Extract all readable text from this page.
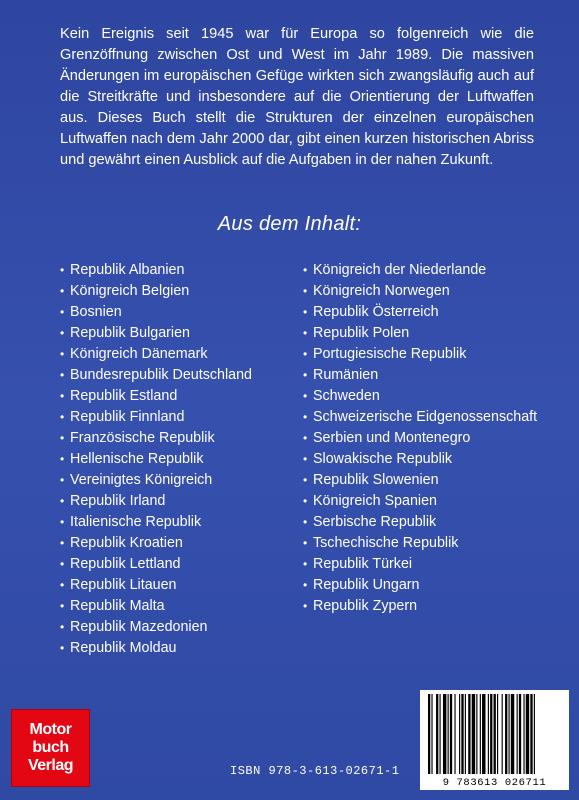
Kein Ereignis seit 1945 war für Europa so folgenreich wie die Grenzöffnung zwischen Ost und West im Jahr 1989. Die massiven Änderungen im europäischen Gefüge wirkten sich zwangsläufig auch auf die Streitkräfte und insbesondere auf die Orientierung der Luftwaffen aus. Dieses Buch stellt die Strukturen der einzelnen europäischen Luftwaffen nach dem Jahr 2000 dar, gibt einen kurzen historischen Abriss und gewährt einen Ausblick auf die Aufgaben in der nahen Zukunft.

Aus dem Inhalt:
• Republik Albanien
• Königreich Belgien
• Bosnien
• Republik Bulgarien
• Königreich Dänemark
• Bundesrepublik Deutschland
• Republik Estland
• Republik Finnland
• Französische Republik
• Hellenische Republik
• Vereinigtes Königreich
• Republik Irland
• Italienische Republik
• Republik Kroatien
• Republik Lettland
• Republik Litauen
• Republik Malta
• Republik Mazedonien
• Republik Moldau
• Königreich der Niederlande
• Königreich Norwegen
• Republik Österreich
• Republik Polen
• Portugiesische Republik
• Rumänien
• Schweden
• Schweizerische Eidgenossenschaft
• Serbien und Montenegro
• Slowakische Republik
• Republik Slowenien
• Königreich Spanien
• Serbische Republik
• Tschechische Republik
• Republik Türkei
• Republik Ungarn
• Republik Zypern
Motor
buch
Verlag	ISBN 978-3-613-02671-1
9 783613 026711
